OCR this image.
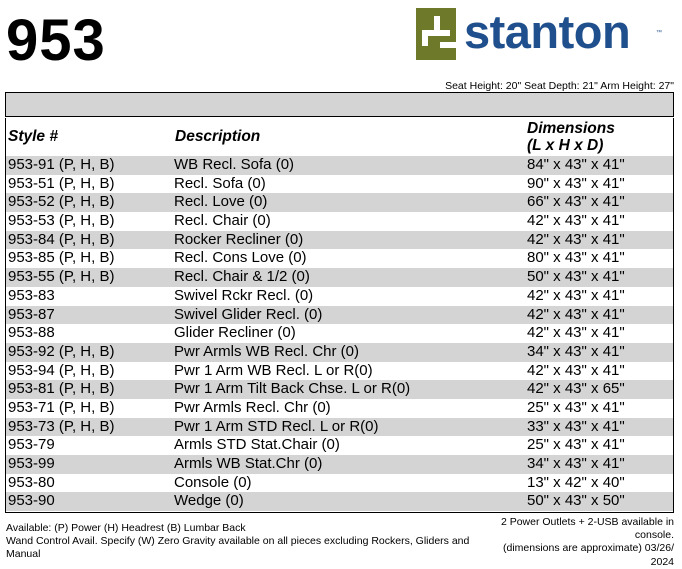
953	stanton	™
Seat Height: 20" Seat Depth: 21" Arm Height: 27"
Style #	Description	Dimensions
(L x H x D)
953-91 (P, H, B)	WB Recl. Sofa (0)	84" x 43" x 41"
953-51 (P, H, B)	Recl. Sofa (0)	90" x 43" x 41"
953-52 (P, H, B)	Recl. Love (0)	66" x 43" x 41"
953-53 (P, H, B)	Recl. Chair (0)	42" x 43" x 41"
953-84 (P, H, B)	Rocker Recliner (0)	42" x 43" x 41"
953-85 (P, H, B)	Recl. Cons Love (0)	80" x 43" x 41"
953-55 (P, H, B)	Recl. Chair & 1/2 (0)	50" x 43" x 41"
953-83	Swivel Rckr Recl. (0)	42" x 43" x 41"
953-87	Swivel Glider Recl. (0)	42" x 43" x 41"
953-88	Glider Recliner (0)	42" x 43" x 41"
953-92 (P, H, B)	Pwr Armls WB Recl. Chr (0)	34" x 43" x 41"
953-94 (P, H, B)	Pwr 1 Arm WB Recl. L or R(0)	42" x 43" x 41"
953-81 (P, H, B)	Pwr 1 Arm Tilt Back Chse. L or R(0)	42" x 43" x 65"
953-71 (P, H, B)	Pwr Armls Recl. Chr (0)	25" x 43" x 41"
953-73 (P, H, B)	Pwr 1 Arm STD Recl. L or R(0)	33" x 43" x 41"
953-79	Armls STD Stat.Chair (0)	25" x 43" x 41"
953-99	Armls WB Stat.Chr (0)	34" x 43" x 41"
953-80	Console (0)	13" x 42" x 40"
953-90	Wedge (0)	50" x 43" x 50"
Available: (P) Power (H) Headrest (B) Lumbar Back
Wand Control Avail. Specify (W) Zero Gravity available on all pieces excluding Rockers, Gliders and Manual
2 Power Outlets + 2-USB available in console.
(dimensions are approximate) 03/26/ 2024
